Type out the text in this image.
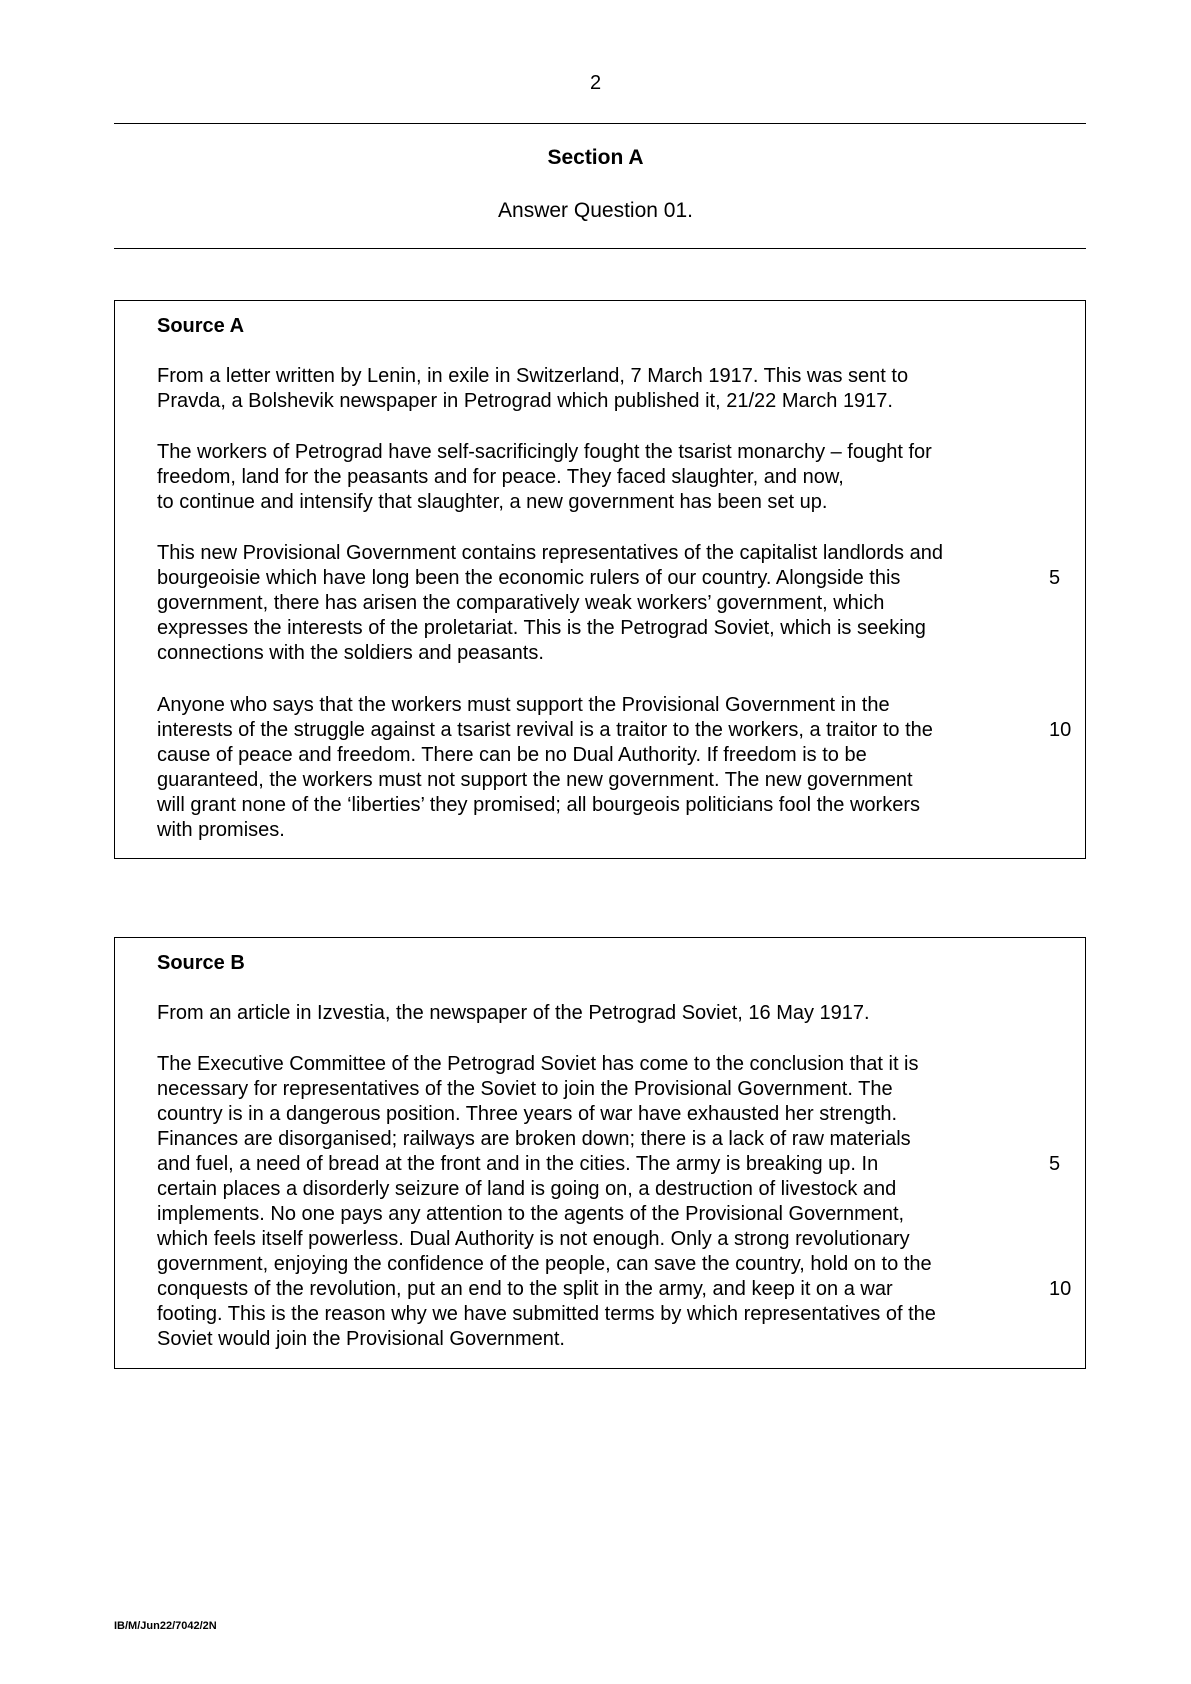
2
Section A
Answer Question 01.
Source A
From a letter written by Lenin, in exile in Switzerland, 7 March 1917. This was sent to
Pravda, a Bolshevik newspaper in Petrograd which published it, 21/22 March 1917.
The workers of Petrograd have self-sacrificingly fought the tsarist monarchy – fought for
freedom, land for the peasants and for peace. They faced slaughter, and now,
to continue and intensify that slaughter, a new government has been set up.
This new Provisional Government contains representatives of the capitalist landlords and
bourgeoisie which have long been the economic rulers of our country. Alongside this
government, there has arisen the comparatively weak workers’ government, which
expresses the interests of the proletariat. This is the Petrograd Soviet, which is seeking
connections with the soldiers and peasants.
Anyone who says that the workers must support the Provisional Government in the
interests of the struggle against a tsarist revival is a traitor to the workers, a traitor to the
cause of peace and freedom. There can be no Dual Authority. If freedom is to be
guaranteed, the workers must not support the new government. The new government
will grant none of the ‘liberties’ they promised; all bourgeois politicians fool the workers
with promises.
5
10
Source B
From an article in Izvestia, the newspaper of the Petrograd Soviet, 16 May 1917.
The Executive Committee of the Petrograd Soviet has come to the conclusion that it is
necessary for representatives of the Soviet to join the Provisional Government. The
country is in a dangerous position. Three years of war have exhausted her strength.
Finances are disorganised; railways are broken down; there is a lack of raw materials
and fuel, a need of bread at the front and in the cities. The army is breaking up. In
certain places a disorderly seizure of land is going on, a destruction of livestock and
implements. No one pays any attention to the agents of the Provisional Government,
which feels itself powerless. Dual Authority is not enough. Only a strong revolutionary
government, enjoying the confidence of the people, can save the country, hold on to the
conquests of the revolution, put an end to the split in the army, and keep it on a war
footing. This is the reason why we have submitted terms by which representatives of the
Soviet would join the Provisional Government.
5
10
IB/M/Jun22/7042/2N
